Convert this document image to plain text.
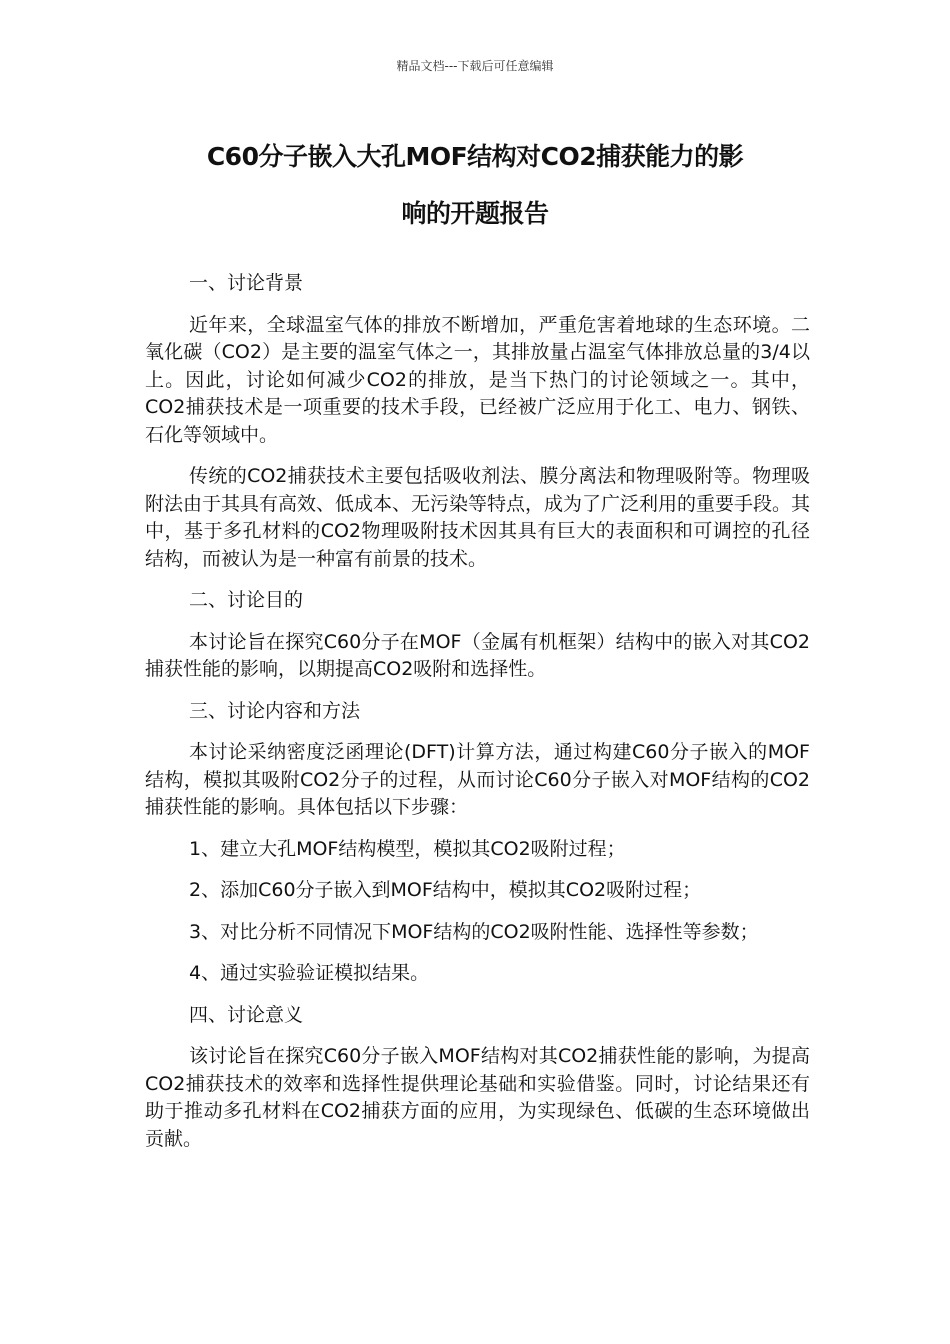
精品文档---下载后可任意编辑
C60分子嵌入大孔MOF结构对CO2捕获能力的影
响的开题报告

一、讨论背景

近年来，全球温室气体的排放不断增加，严重危害着地球的生态环境。二氧化碳（CO2）是主要的温室气体之一，其排放量占温室气体排放总量的3/4以上。因此，讨论如何减少CO2的排放，是当下热门的讨论领域之一。其中，CO2捕获技术是一项重要的技术手段，已经被广泛应用于化工、电力、钢铁、石化等领域中。

传统的CO2捕获技术主要包括吸收剂法、膜分离法和物理吸附等。物理吸附法由于其具有高效、低成本、无污染等特点，成为了广泛利用的重要手段。其中，基于多孔材料的CO2物理吸附技术因其具有巨大的表面积和可调控的孔径结构，而被认为是一种富有前景的技术。

二、讨论目的

本讨论旨在探究C60分子在MOF（金属有机框架）结构中的嵌入对其CO2捕获性能的影响，以期提高CO2吸附和选择性。

三、讨论内容和方法

本讨论采纳密度泛函理论(DFT)计算方法，通过构建C60分子嵌入的MOF结构，模拟其吸附CO2分子的过程，从而讨论C60分子嵌入对MOF结构的CO2捕获性能的影响。具体包括以下步骤：

1、建立大孔MOF结构模型，模拟其CO2吸附过程；

2、添加C60分子嵌入到MOF结构中，模拟其CO2吸附过程；

3、对比分析不同情况下MOF结构的CO2吸附性能、选择性等参数；

4、通过实验验证模拟结果。

四、讨论意义

该讨论旨在探究C60分子嵌入MOF结构对其CO2捕获性能的影响，为提高CO2捕获技术的效率和选择性提供理论基础和实验借鉴。同时，讨论结果还有助于推动多孔材料在CO2捕获方面的应用，为实现绿色、低碳的生态环境做出贡献。
